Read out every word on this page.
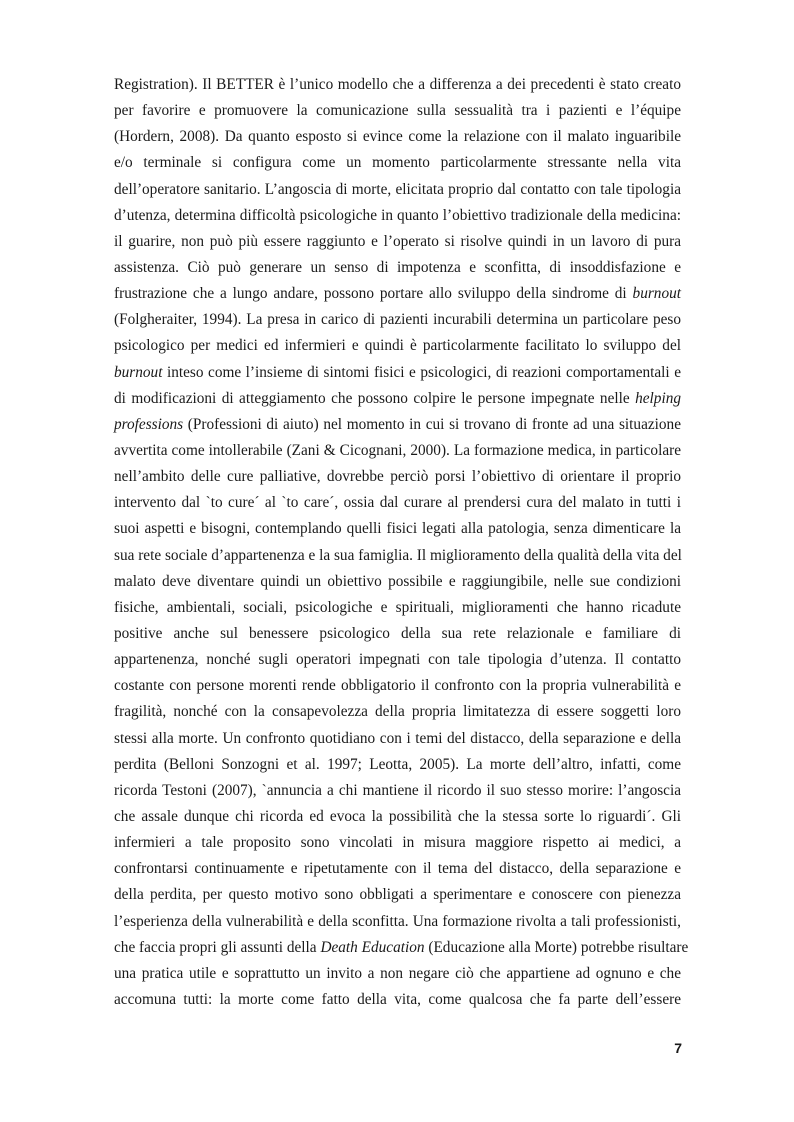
Registration). Il BETTER è l’unico modello che a differenza a dei precedenti è stato creato
per favorire e promuovere la comunicazione sulla sessualità tra i pazienti e l’équipe
(Hordern, 2008). Da quanto esposto si evince come la relazione con il malato inguaribile
e/o terminale si configura come un momento particolarmente stressante nella vita
dell’operatore sanitario. L’angoscia di morte, elicitata proprio dal contatto con tale tipologia
d’utenza, determina difficoltà psicologiche in quanto l’obiettivo tradizionale della medicina:
il guarire, non può più essere raggiunto e l’operato si risolve quindi in un lavoro di pura
assistenza. Ciò può generare un senso di impotenza e sconfitta, di insoddisfazione e
frustrazione che a lungo andare, possono portare allo sviluppo della sindrome di burnout
(Folgheraiter, 1994). La presa in carico di pazienti incurabili determina un particolare peso
psicologico per medici ed infermieri e quindi è particolarmente facilitato lo sviluppo del
burnout inteso come l’insieme di sintomi fisici e psicologici, di reazioni comportamentali e
di modificazioni di atteggiamento che possono colpire le persone impegnate nelle helping
professions (Professioni di aiuto) nel momento in cui si trovano di fronte ad una situazione
avvertita come intollerabile (Zani & Cicognani, 2000). La formazione medica, in particolare
nell’ambito delle cure palliative, dovrebbe perciò porsi l’obiettivo di orientare il proprio
intervento dal `to cure´ al `to care´, ossia dal curare al prendersi cura del malato in tutti i
suoi aspetti e bisogni, contemplando quelli fisici legati alla patologia, senza dimenticare la
sua rete sociale d’appartenenza e la sua famiglia. Il miglioramento della qualità della vita del
malato deve diventare quindi un obiettivo possibile e raggiungibile, nelle sue condizioni
fisiche, ambientali, sociali, psicologiche e spirituali, miglioramenti che hanno ricadute
positive anche sul benessere psicologico della sua rete relazionale e familiare di
appartenenza, nonché sugli operatori impegnati con tale tipologia d’utenza. Il contatto
costante con persone morenti rende obbligatorio il confronto con la propria vulnerabilità e
fragilità, nonché con la consapevolezza della propria limitatezza di essere soggetti loro
stessi alla morte. Un confronto quotidiano con i temi del distacco, della separazione e della
perdita (Belloni Sonzogni et al. 1997; Leotta, 2005). La morte dell’altro, infatti, come
ricorda Testoni (2007), `annuncia a chi mantiene il ricordo il suo stesso morire: l’angoscia
che assale dunque chi ricorda ed evoca la possibilità che la stessa sorte lo riguardi´. Gli
infermieri a tale proposito sono vincolati in misura maggiore rispetto ai medici, a
confrontarsi continuamente e ripetutamente con il tema del distacco, della separazione e
della perdita, per questo motivo sono obbligati a sperimentare e conoscere con pienezza
l’esperienza della vulnerabilità e della sconfitta. Una formazione rivolta a tali professionisti,
che faccia propri gli assunti della Death Education (Educazione alla Morte) potrebbe risultare
una pratica utile e soprattutto un invito a non negare ciò che appartiene ad ognuno e che
accomuna tutti: la morte come fatto della vita, come qualcosa che fa parte dell’essere
7
